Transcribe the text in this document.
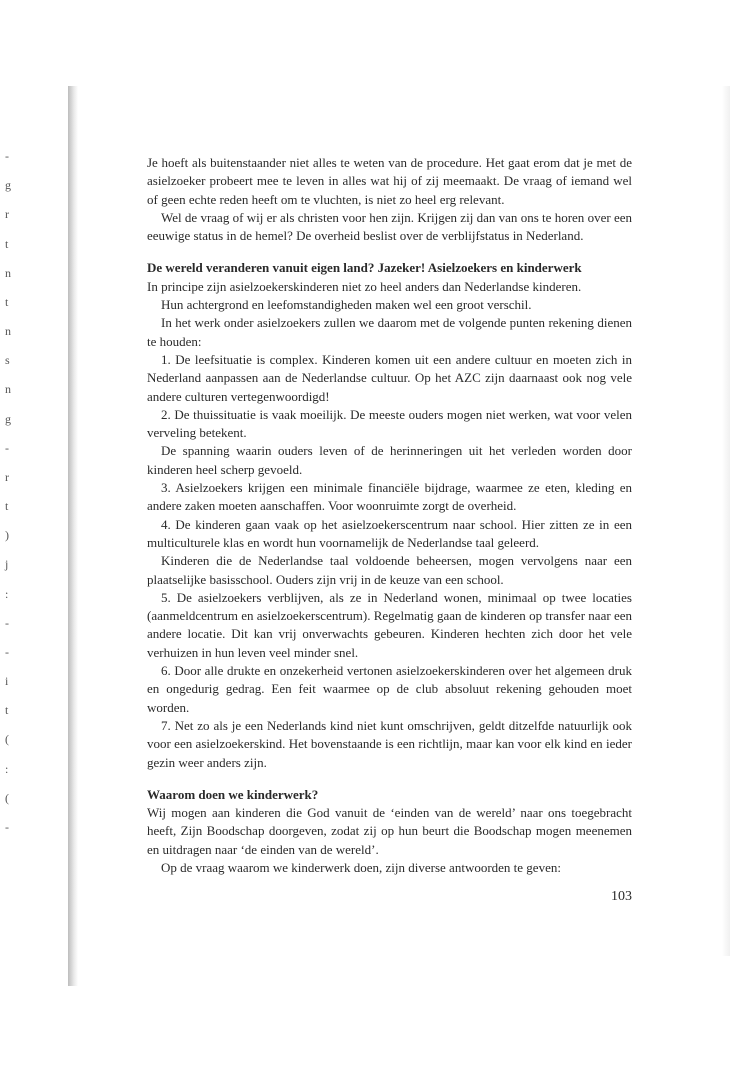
-
g
r
t
n
t
n
s
n
g
-
r
t
)
j
:
-
-
i
t
(
:
(
-

Je hoeft als buitenstaander niet alles te weten van de procedure. Het gaat erom dat je met de asielzoeker probeert mee te leven in alles wat hij of zij meemaakt. De vraag of iemand wel of geen echte reden heeft om te vluchten, is niet zo heel erg relevant.

Wel de vraag of wij er als christen voor hen zijn. Krijgen zij dan van ons te horen over een eeuwige status in de hemel? De overheid beslist over de verblijfstatus in Nederland.

De wereld veranderen vanuit eigen land? Jazeker! Asielzoekers en kinderwerk

In principe zijn asielzoekerskinderen niet zo heel anders dan Nederlandse kinderen.

Hun achtergrond en leefomstandigheden maken wel een groot verschil.

In het werk onder asielzoekers zullen we daarom met de volgende punten rekening dienen te houden:

1. De leefsituatie is complex. Kinderen komen uit een andere cultuur en moeten zich in Nederland aanpassen aan de Nederlandse cultuur. Op het AZC zijn daarnaast ook nog vele andere culturen vertegenwoordigd!

2. De thuissituatie is vaak moeilijk. De meeste ouders mogen niet werken, wat voor velen verveling betekent.

De spanning waarin ouders leven of de herinneringen uit het verleden worden door kinderen heel scherp gevoeld.

3. Asielzoekers krijgen een minimale financiële bijdrage, waarmee ze eten, kleding en andere zaken moeten aanschaffen. Voor woonruimte zorgt de overheid.

4. De kinderen gaan vaak op het asielzoekerscentrum naar school. Hier zitten ze in een multiculturele klas en wordt hun voornamelijk de Nederlandse taal geleerd.

Kinderen die de Nederlandse taal voldoende beheersen, mogen vervolgens naar een plaatselijke basisschool. Ouders zijn vrij in de keuze van een school.

5. De asielzoekers verblijven, als ze in Nederland wonen, minimaal op twee locaties (aanmeldcentrum en asielzoekerscentrum). Regelmatig gaan de kinderen op transfer naar een andere locatie. Dit kan vrij onverwachts gebeuren. Kinderen hechten zich door het vele verhuizen in hun leven veel minder snel.

6. Door alle drukte en onzekerheid vertonen asielzoekerskinderen over het algemeen druk en ongedurig gedrag. Een feit waarmee op de club absoluut rekening gehouden moet worden.

7. Net zo als je een Nederlands kind niet kunt omschrijven, geldt ditzelfde natuurlijk ook voor een asielzoekerskind. Het bovenstaande is een richtlijn, maar kan voor elk kind en ieder gezin weer anders zijn.

Waarom doen we kinderwerk?

Wij mogen aan kinderen die God vanuit de ‘einden van de wereld’ naar ons toegebracht heeft, Zijn Boodschap doorgeven, zodat zij op hun beurt die Boodschap mogen meenemen en uitdragen naar ‘de einden van de wereld’.

Op de vraag waarom we kinderwerk doen, zijn diverse antwoorden te geven:

103
